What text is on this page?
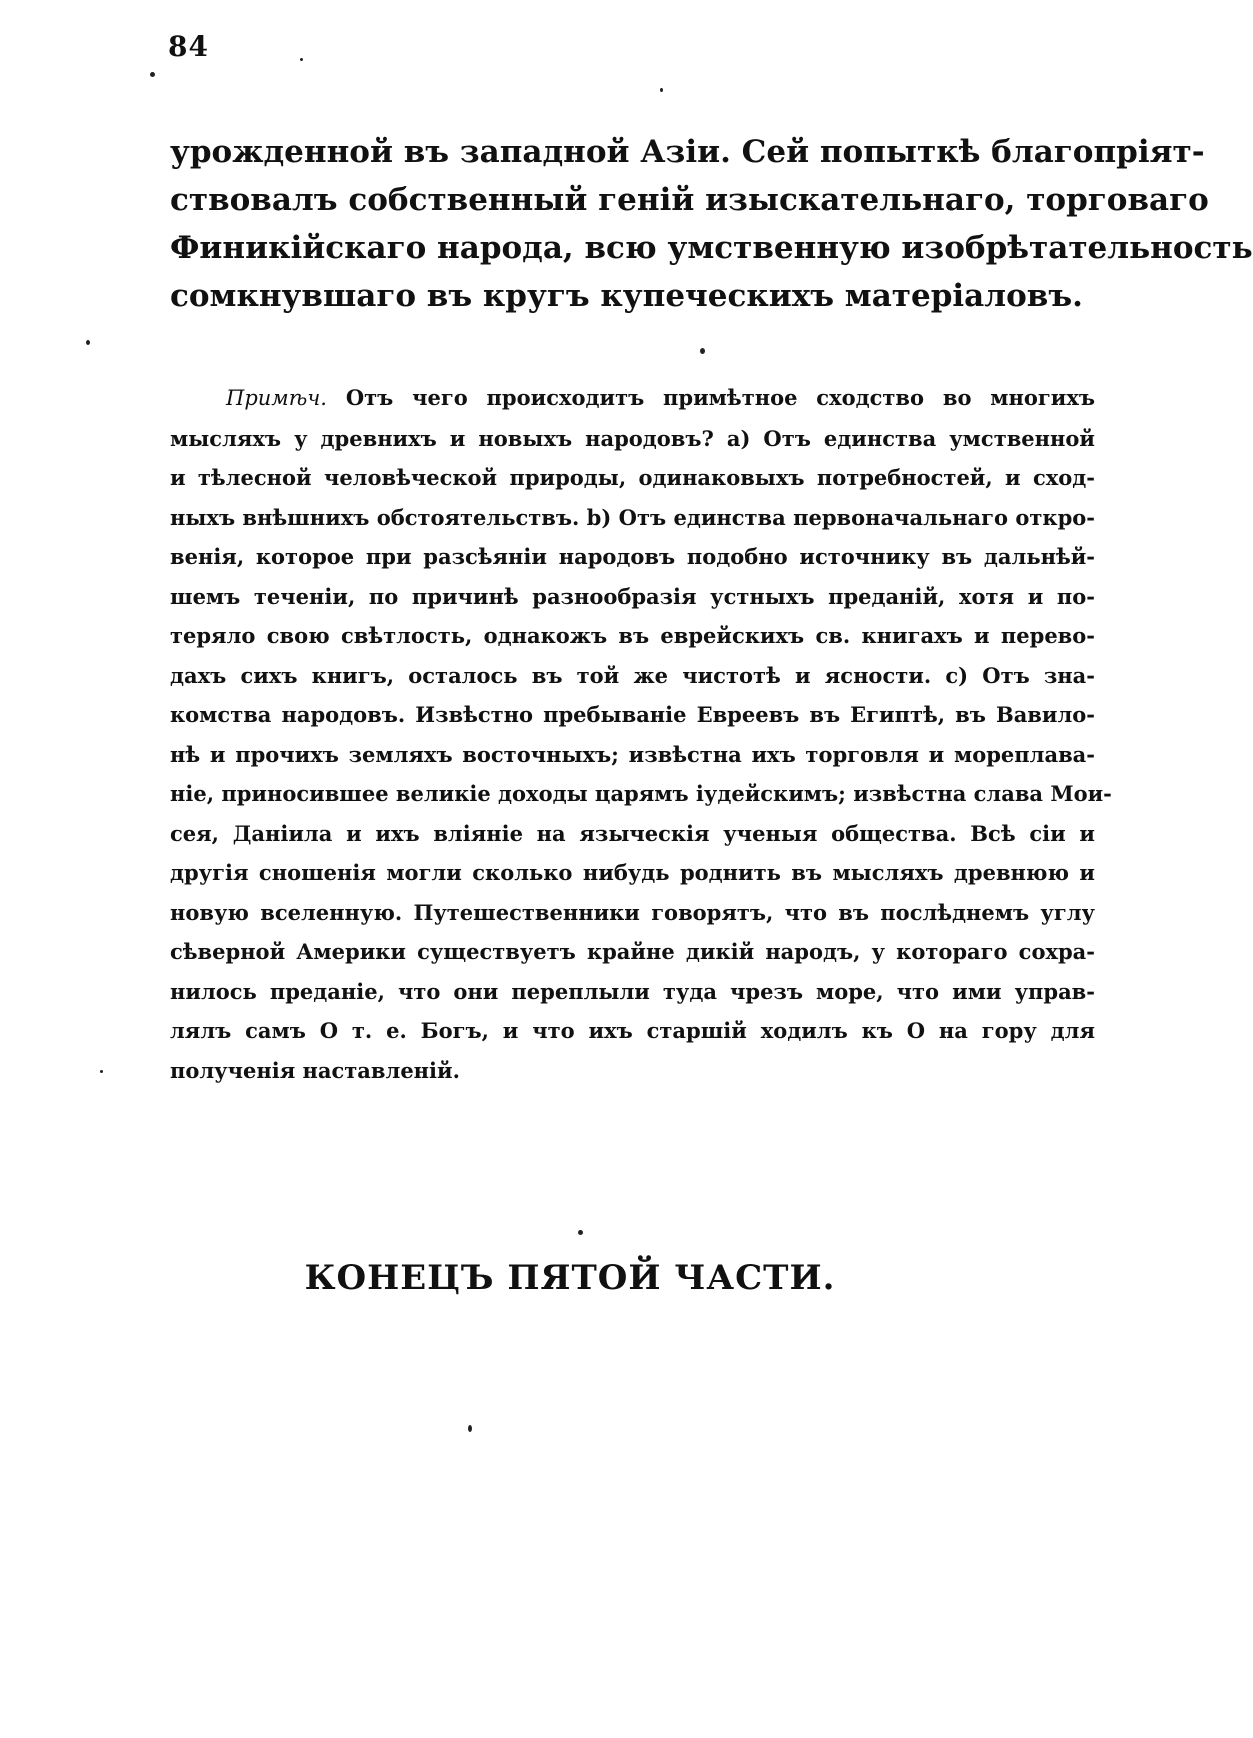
84
урожденной въ западной Азіи. Сей попыткѣ благопріят-
ствовалъ собственный геній изыскательнаго, торговаго
Финикійскаго народа, всю умственную изобрѣтательность
сомкнувшаго въ кругъ купеческихъ матеріаловъ.
Примѣч. Отъ чего происходитъ примѣтное сходство во многихъ
мысляхъ у древнихъ и новыхъ народовъ? а) Отъ единства умственной
и тѣлесной человѣческой природы, одинаковыхъ потребностей, и сход-
ныхъ внѣшнихъ обстоятельствъ. b) Отъ единства первоначальнаго откро-
венія, которое при разсѣяніи народовъ подобно источнику въ дальнѣй-
шемъ теченіи, по причинѣ разнообразія устныхъ преданій, хотя и по-
теряло свою свѣтлость, однакожъ въ еврейскихъ св. книгахъ и перево-
дахъ сихъ книгъ, осталось въ той же чистотѣ и ясности. с) Отъ зна-
комства народовъ. Извѣстно пребываніе Евреевъ въ Египтѣ, въ Вавило-
нѣ и прочихъ земляхъ восточныхъ; извѣстна ихъ торговля и мореплава-
ніе, приносившее великіе доходы царямъ іудейскимъ; извѣстна слава Мои-
сея, Даніила и ихъ вліяніе на языческія ученыя общества. Всѣ сіи и
другія сношенія могли сколько нибудь роднить въ мысляхъ древнюю и
новую вселенную. Путешественники говорятъ, что въ послѣднемъ углу
сѣверной Америки существуетъ крайне дикій народъ, у котораго сохра-
нилось преданіе, что они переплыли туда чрезъ море, что ими управ-
лялъ самъ О т. е. Богъ, и что ихъ старшій ходилъ къ О на гору для
полученія наставленій.
КОНЕЦЪ ПЯТОЙ ЧАСТИ.
